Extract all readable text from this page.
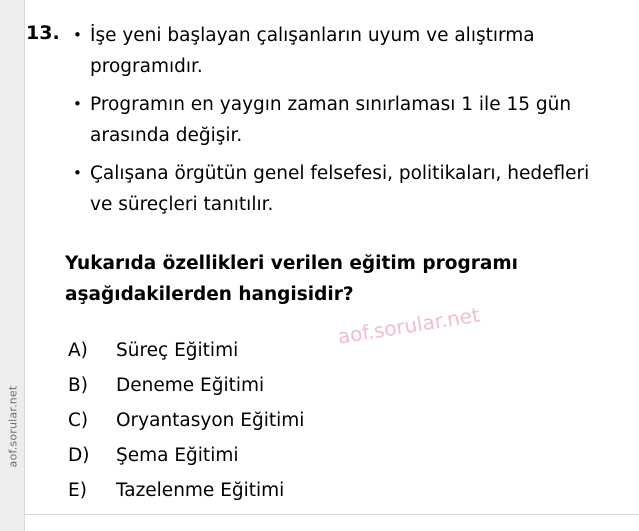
aof.sorular.net
13. • İşe yeni başlayan çalışanların uyum ve alıştırma programıdır.
• Programın en yaygın zaman sınırlaması 1 ile 15 gün arasında değişir.
• Çalışana örgütün genel felsefesi, politikaları, hedefleri ve süreçleri tanıtılır.
Yukarıda özellikleri verilen eğitim programı
aşağıdakilerden hangisidir?
A)	Süreç Eğitimi
B)	Deneme Eğitimi
C)	Oryantasyon Eğitimi
D)	Şema Eğitimi
E)	Tazelenme Eğitimi
aof.sorular.net
